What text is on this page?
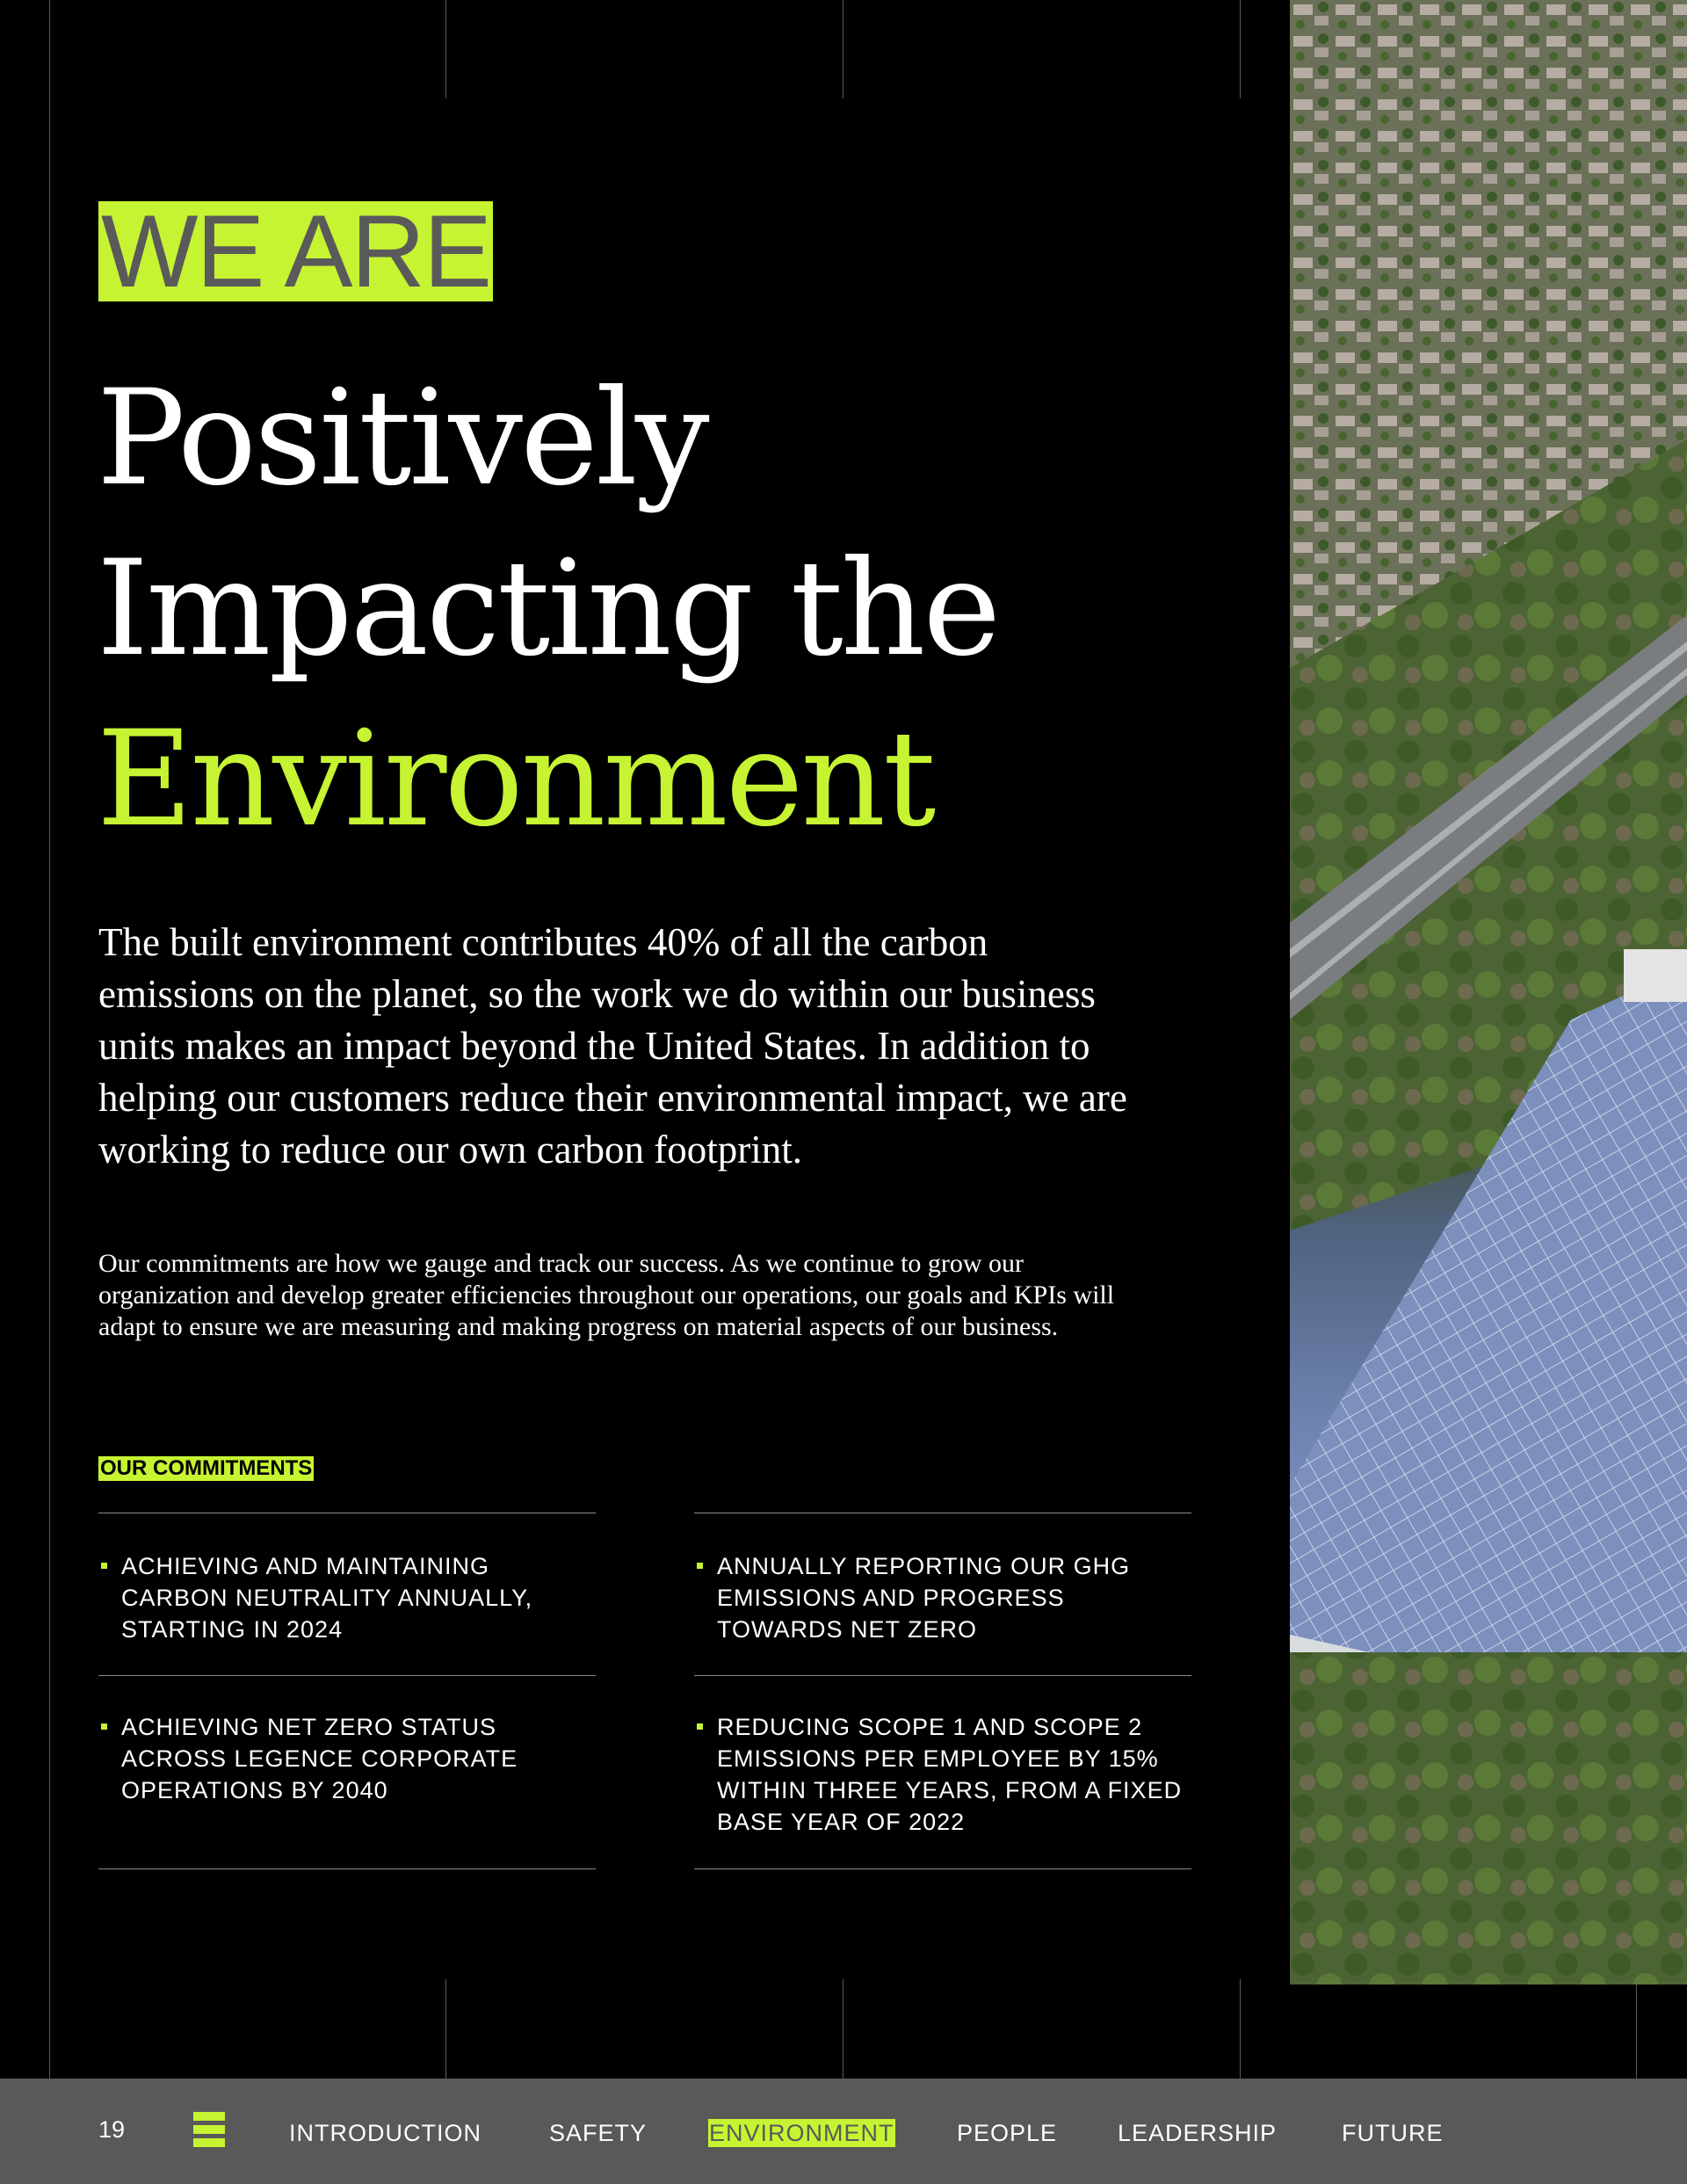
WE ARE
Positively
Impacting the
Environment

The built environment contributes 40% of all the carbon emissions on the planet, so the work we do within our business units makes an impact beyond the United States. In addition to helping our customers reduce their environmental impact, we are working to reduce our own carbon footprint.

Our commitments are how we gauge and track our success. As we continue to grow our organization and develop greater efficiencies throughout our operations, our goals and KPIs will adapt to ensure we are measuring and making progress on material aspects of our business.

OUR COMMITMENTS
ACHIEVING AND MAINTAINING CARBON NEUTRALITY ANNUALLY, STARTING IN 2024
ANNUALLY REPORTING OUR GHG EMISSIONS AND PROGRESS TOWARDS NET ZERO
ACHIEVING NET ZERO STATUS ACROSS LEGENCE CORPORATE OPERATIONS BY 2040
REDUCING SCOPE 1 AND SCOPE 2 EMISSIONS PER EMPLOYEE BY 15% WITHIN THREE YEARS, FROM A FIXED BASE YEAR OF 2022
19	INTRODUCTION	SAFETY	ENVIRONMENT	PEOPLE	LEADERSHIP	FUTURE
